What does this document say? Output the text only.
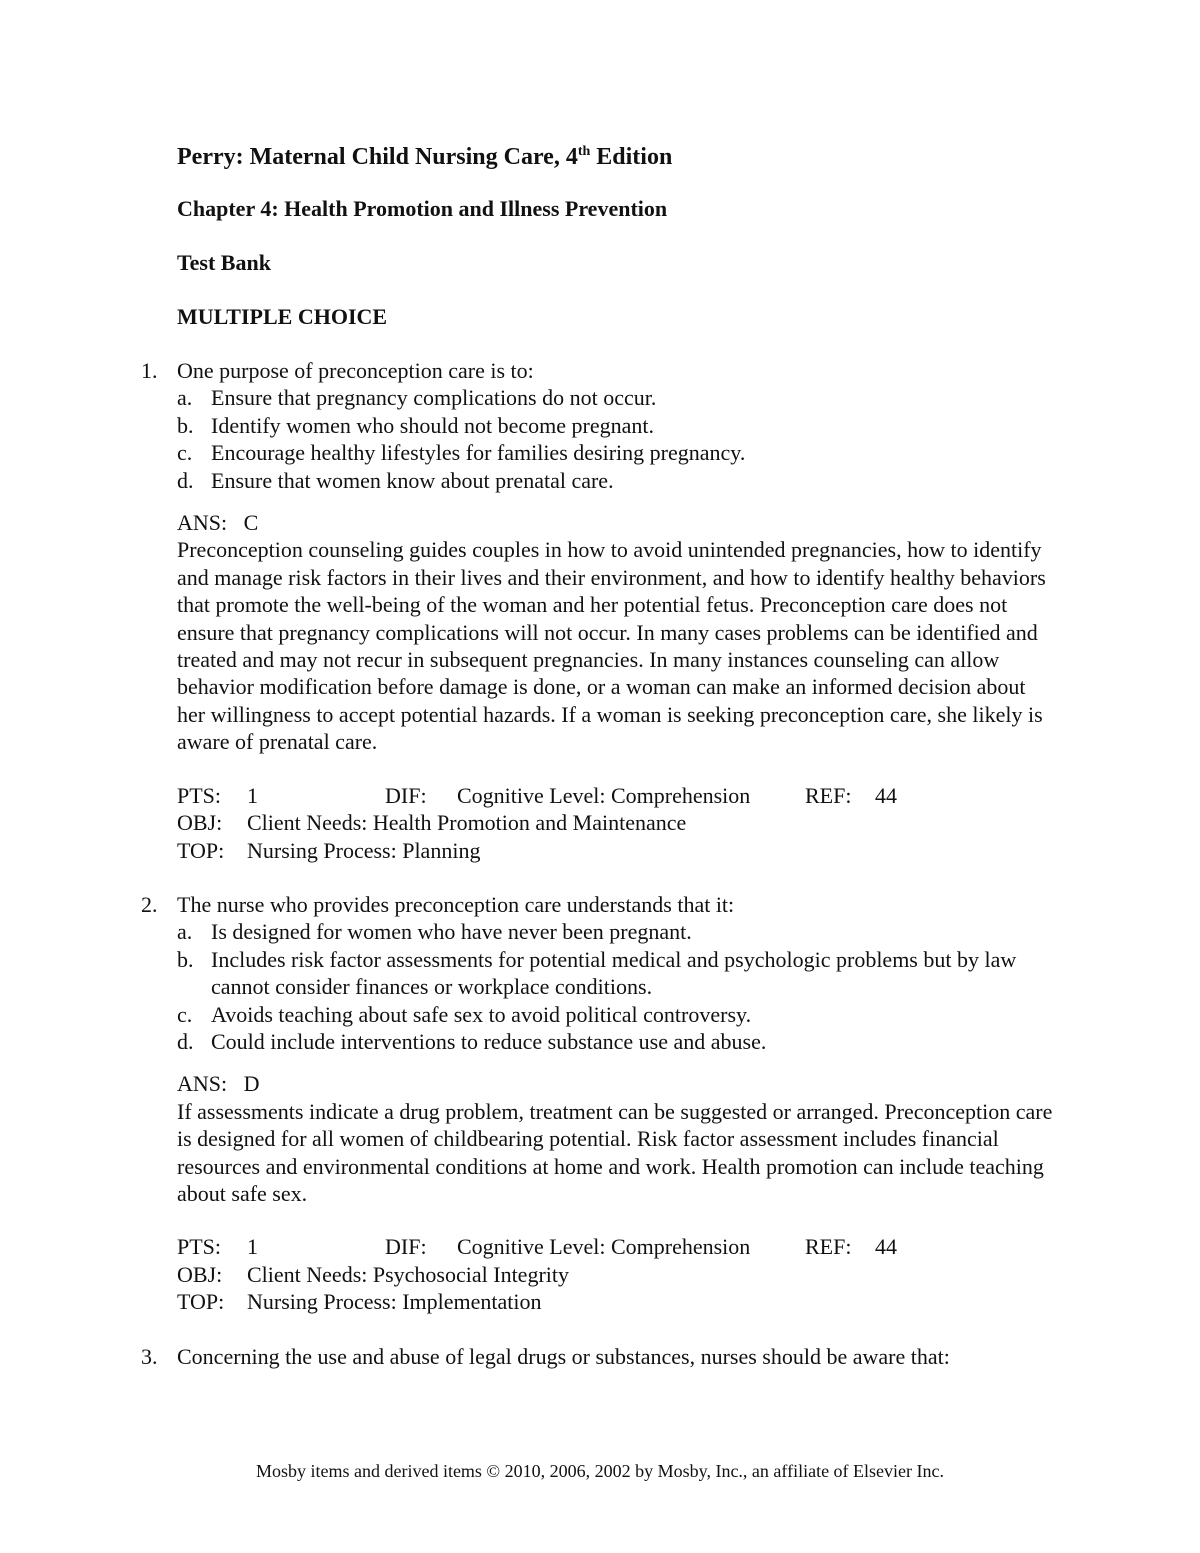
Perry: Maternal Child Nursing Care, 4th Edition
Chapter 4: Health Promotion and Illness Prevention
Test Bank
MULTIPLE CHOICE
1. One purpose of preconception care is to:
a. Ensure that pregnancy complications do not occur.
b. Identify women who should not become pregnant.
c. Encourage healthy lifestyles for families desiring pregnancy.
d. Ensure that women know about prenatal care.
ANS: C
Preconception counseling guides couples in how to avoid unintended pregnancies, how to identify and manage risk factors in their lives and their environment, and how to identify healthy behaviors that promote the well-being of the woman and her potential fetus. Preconception care does not ensure that pregnancy complications will not occur. In many cases problems can be identified and treated and may not recur in subsequent pregnancies. In many instances counseling can allow behavior modification before damage is done, or a woman can make an informed decision about her willingness to accept potential hazards. If a woman is seeking preconception care, she likely is aware of prenatal care.
PTS:	1	DIF:	Cognitive Level: Comprehension	REF:	44
OBJ:	Client Needs: Health Promotion and Maintenance
TOP:	Nursing Process: Planning
2. The nurse who provides preconception care understands that it:
a. Is designed for women who have never been pregnant.
b. Includes risk factor assessments for potential medical and psychologic problems but by law cannot consider finances or workplace conditions.
c. Avoids teaching about safe sex to avoid political controversy.
d. Could include interventions to reduce substance use and abuse.
ANS: D
If assessments indicate a drug problem, treatment can be suggested or arranged. Preconception care is designed for all women of childbearing potential. Risk factor assessment includes financial resources and environmental conditions at home and work. Health promotion can include teaching about safe sex.
PTS:	1	DIF:	Cognitive Level: Comprehension	REF:	44
OBJ:	Client Needs: Psychosocial Integrity
TOP:	Nursing Process: Implementation
3. Concerning the use and abuse of legal drugs or substances, nurses should be aware that:
Mosby items and derived items © 2010, 2006, 2002 by Mosby, Inc., an affiliate of Elsevier Inc.
